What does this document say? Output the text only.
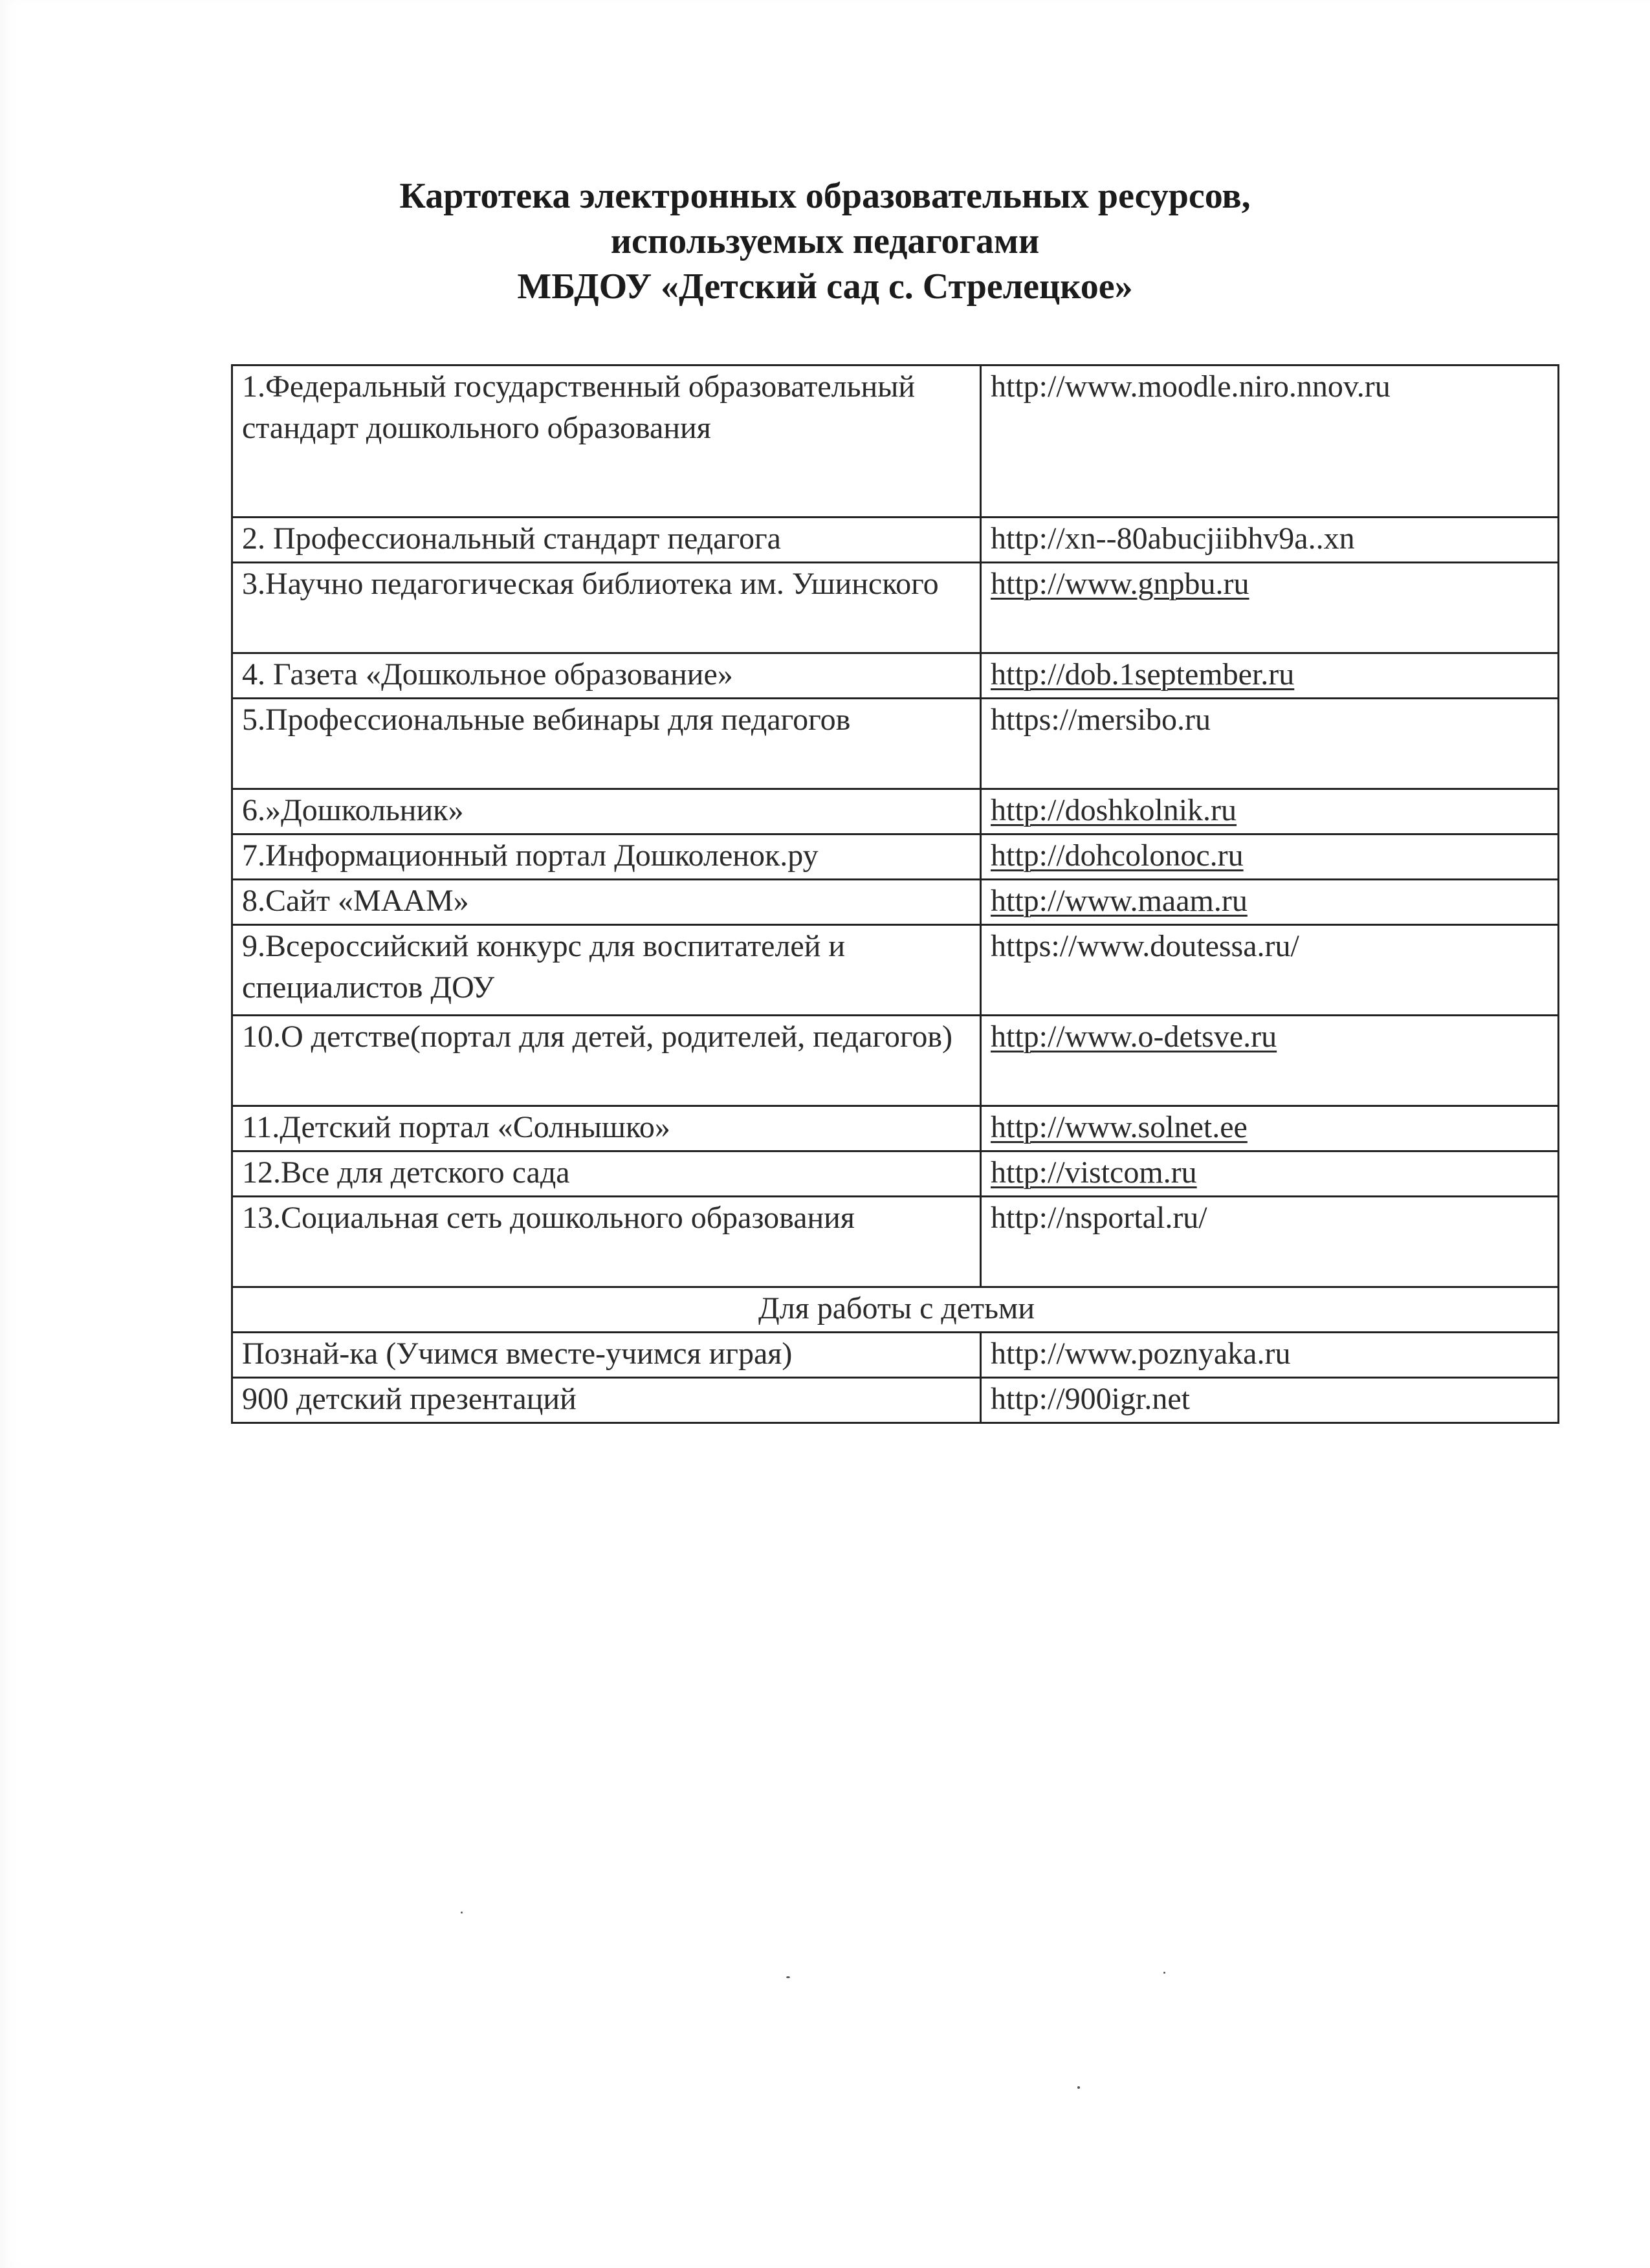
Картотека электронных образовательных ресурсов,
используемых педагогами
МБДОУ «Детский сад с. Стрелецкое»
1.Федеральный государственный образовательный стандарт дошкольного образования	http://www.moodle.niro.nnov.ru
2. Профессиональный стандарт педагога	http://xn--80abucjiibhv9a..xn
3.Научно педагогическая библиотека им. Ушинского	http://www.gnpbu.ru
4. Газета «Дошкольное образование»	http://dob.1september.ru
5.Профессиональные вебинары для педагогов	https://mersibo.ru
6.»Дошкольник»	http://doshkolnik.ru
7.Информационный портал Дошколенок.ру	http://dohcolonoc.ru
8.Сайт «МААМ»	http://www.maam.ru
9.Всероссийский конкурс для воспитателей и специалистов ДОУ	https://www.doutessa.ru/
10.О детстве(портал для детей, родителей, педагогов)	http://www.o-detsve.ru
11.Детский портал «Солнышко»	http://www.solnet.ee
12.Все для детского сада	http://vistcom.ru
13.Социальная сеть дошкольного образования	http://nsportal.ru/
Для работы с детьми	
Познай-ка (Учимся вместе-учимся играя)	http://www.poznyaka.ru
900 детский презентаций	http://900igr.net
